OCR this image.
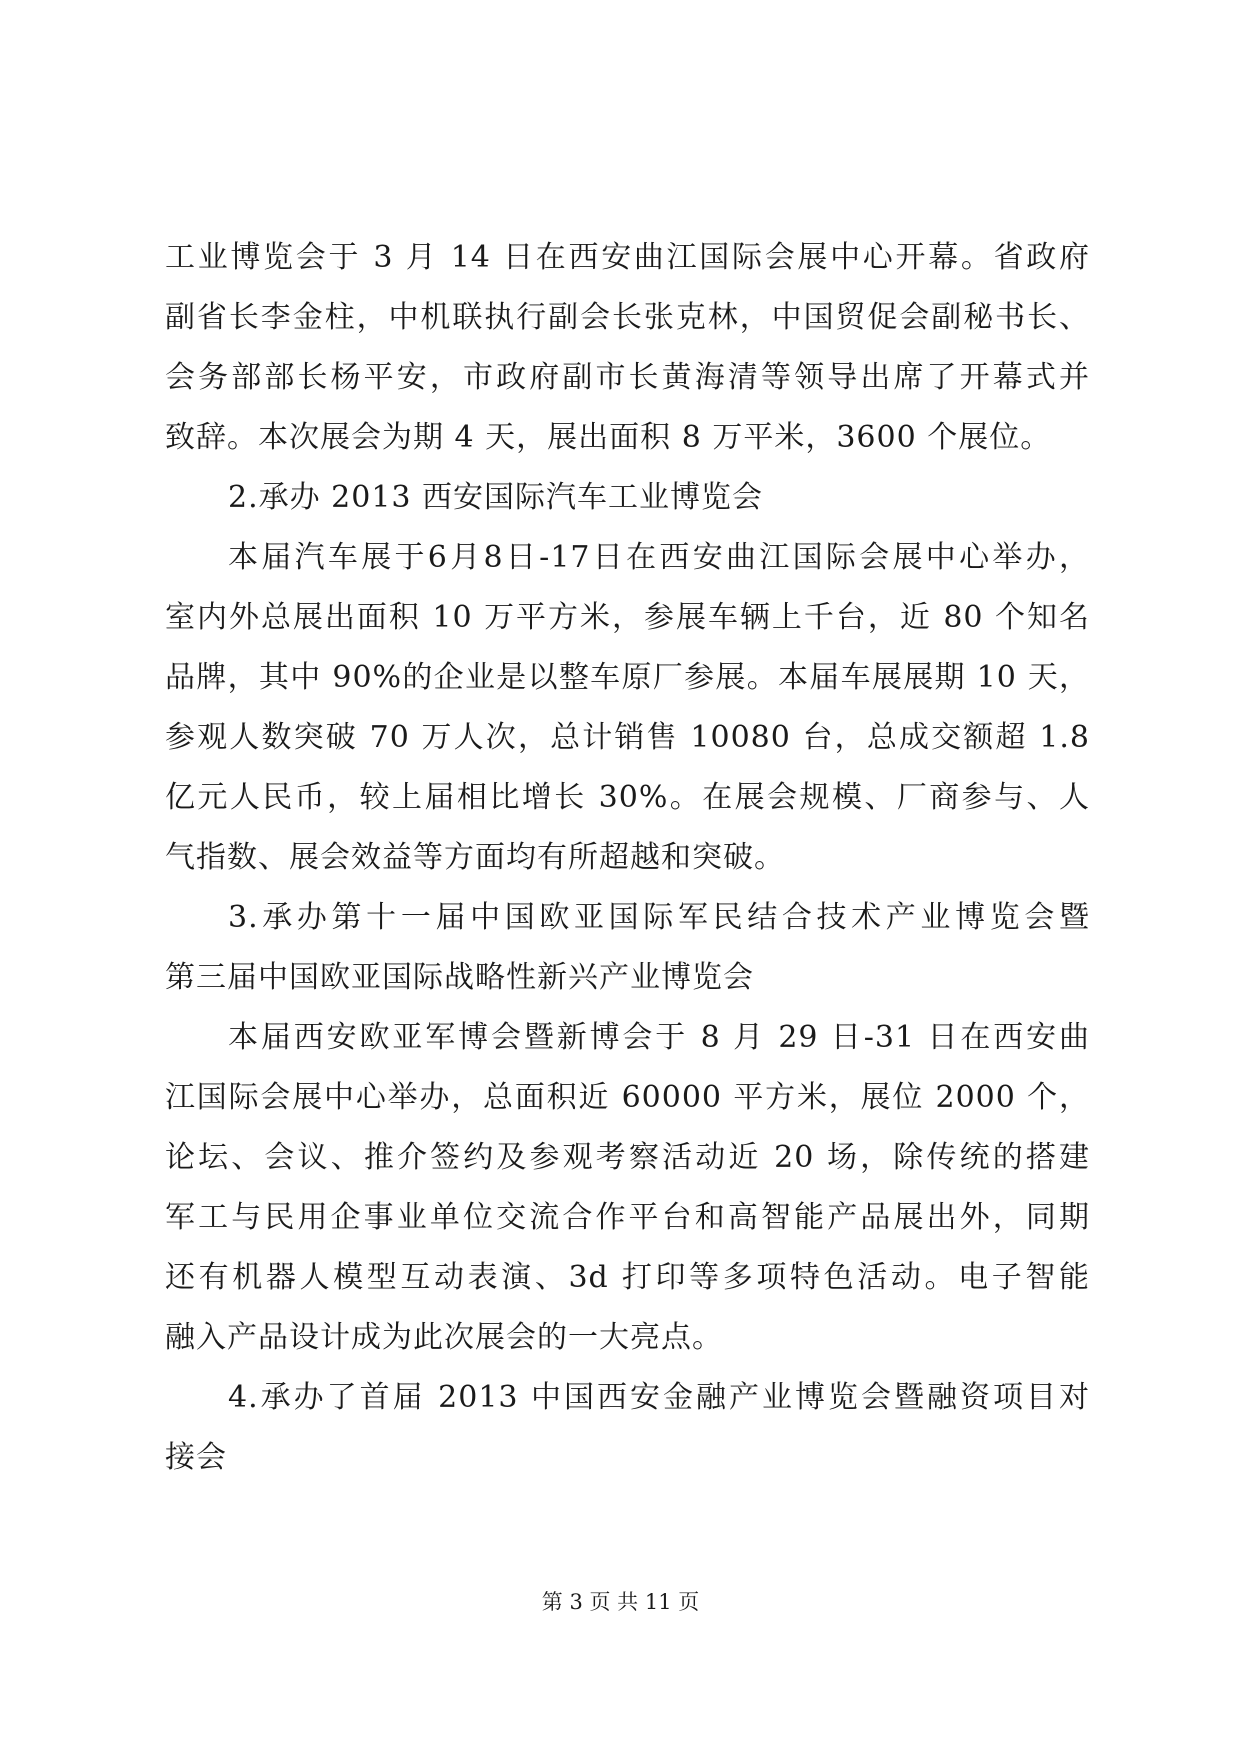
工业博览会于 3 月 14 日在西安曲江国际会展中心开幕。省政府
副省长李金柱，中机联执行副会长张克林，中国贸促会副秘书长、
会务部部长杨平安，市政府副市长黄海清等领导出席了开幕式并
致辞。本次展会为期 4 天，展出面积 8 万平米，3600 个展位。
2.承办 2013 西安国际汽车工业博览会
本届汽车展于6月8日-17日在西安曲江国际会展中心举办，
室内外总展出面积 10 万平方米，参展车辆上千台，近 80 个知名
品牌，其中 90%的企业是以整车原厂参展。本届车展展期 10 天，
参观人数突破 70 万人次，总计销售 10080 台，总成交额超 1.8
亿元人民币，较上届相比增长 30%。在展会规模、厂商参与、人
气指数、展会效益等方面均有所超越和突破。
3.承办第十一届中国欧亚国际军民结合技术产业博览会暨
第三届中国欧亚国际战略性新兴产业博览会
本届西安欧亚军博会暨新博会于 8 月 29 日-31 日在西安曲
江国际会展中心举办，总面积近 60000 平方米，展位 2000 个，
论坛、会议、推介签约及参观考察活动近 20 场，除传统的搭建
军工与民用企事业单位交流合作平台和高智能产品展出外，同期
还有机器人模型互动表演、3d 打印等多项特色活动。电子智能
融入产品设计成为此次展会的一大亮点。
4.承办了首届 2013 中国西安金融产业博览会暨融资项目对
接会
第 3 页 共 11 页
